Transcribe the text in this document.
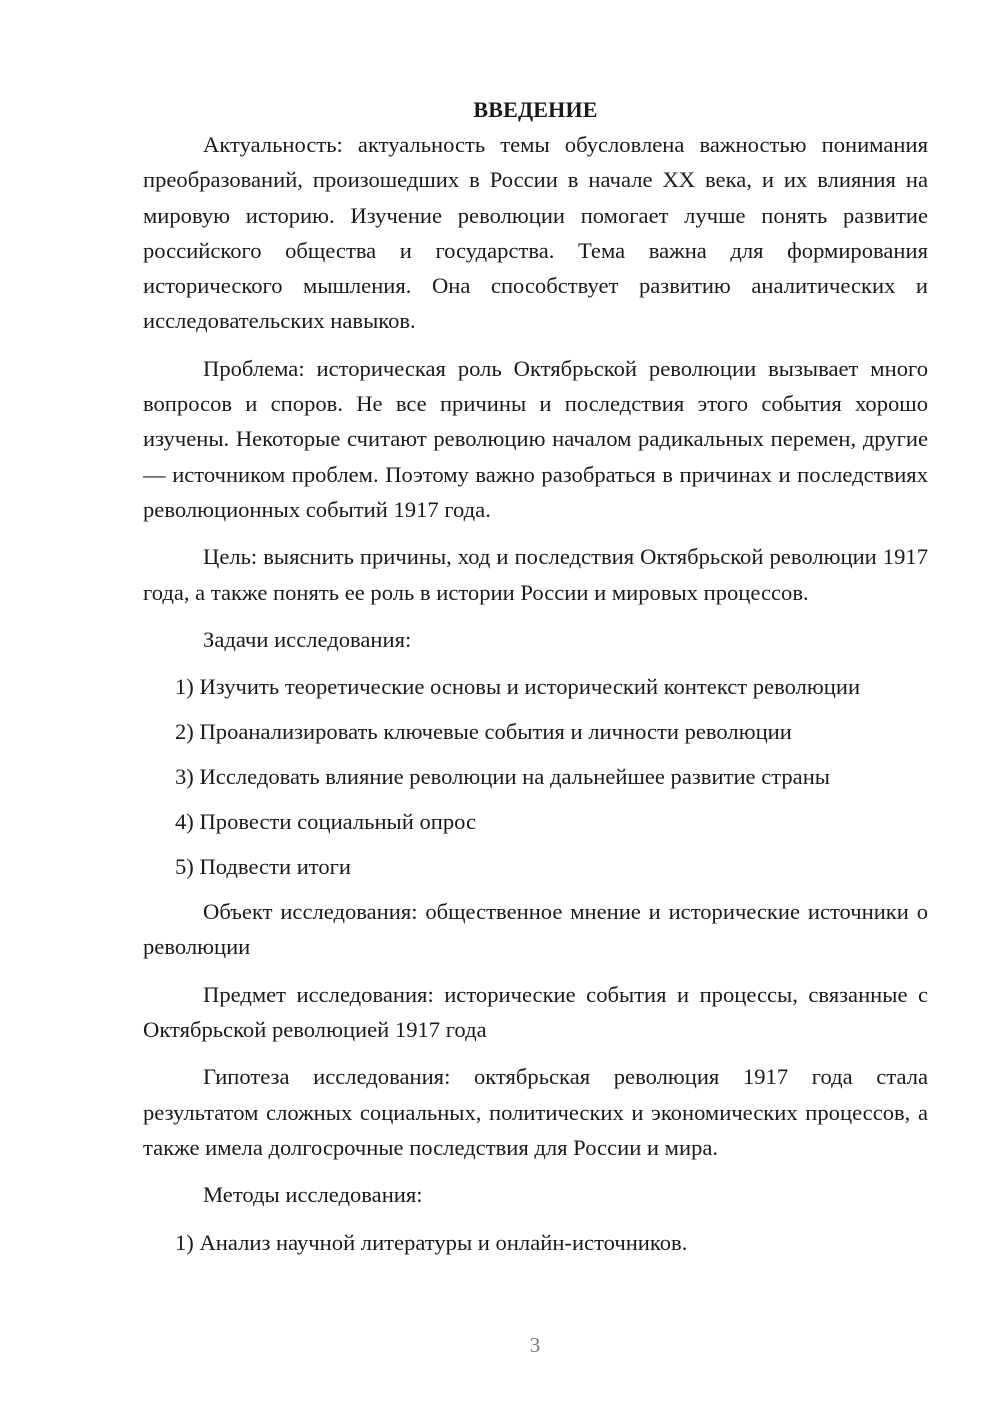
ВВЕДЕНИЕ

Актуальность: актуальность темы обусловлена важностью понимания преобразований, произошедших в России в начале XX века, и их влияния на мировую историю. Изучение революции помогает лучше понять развитие российского общества и государства. Тема важна для формирования исторического мышления. Она способствует развитию аналитических и исследовательских навыков.

Проблема: историческая роль Октябрьской революции вызывает много вопросов и споров. Не все причины и последствия этого события хорошо изучены. Некоторые считают революцию началом радикальных перемен, другие — источником проблем. Поэтому важно разобраться в причинах и последствиях революционных событий 1917 года.

Цель: выяснить причины, ход и последствия Октябрьской революции 1917 года, а также понять ее роль в истории России и мировых процессов.

Задачи исследования:

1) Изучить теоретические основы и исторический контекст революции

2) Проанализировать ключевые события и личности революции

3) Исследовать влияние революции на дальнейшее развитие страны

4) Провести социальный опрос

5) Подвести итоги

Объект исследования: общественное мнение и исторические источники о революции

Предмет исследования: исторические события и процессы, связанные с Октябрьской революцией 1917 года

Гипотеза исследования: октябрьская революция 1917 года стала результатом сложных социальных, политических и экономических процессов, а также имела долгосрочные последствия для России и мира.

Методы исследования:

1) Анализ научной литературы и онлайн-источников.

3
